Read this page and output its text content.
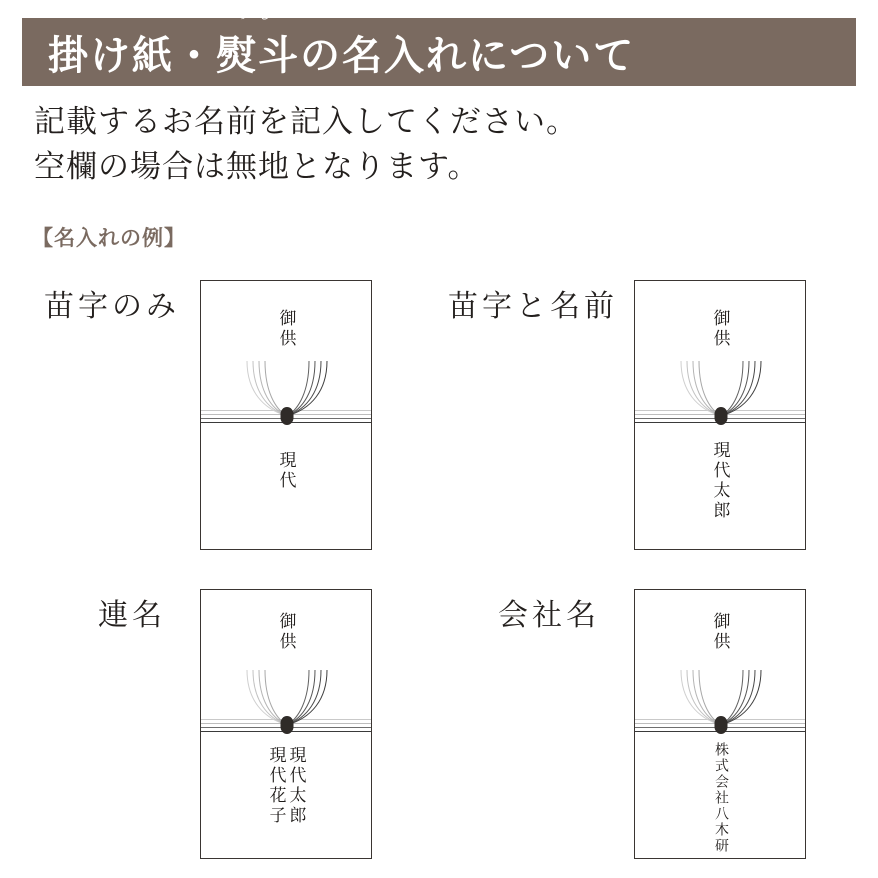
掛け紙・
のし
熨斗の名入れについて
記載するお名前を記入してください。
空欄の場合は無地となります。
【名入れの例】
苗字のみ
御供
現代
苗字と名前
御供
現代太郎
連名	御供
現代太郎
現代花子
会社名	御供
株式会社八木研
